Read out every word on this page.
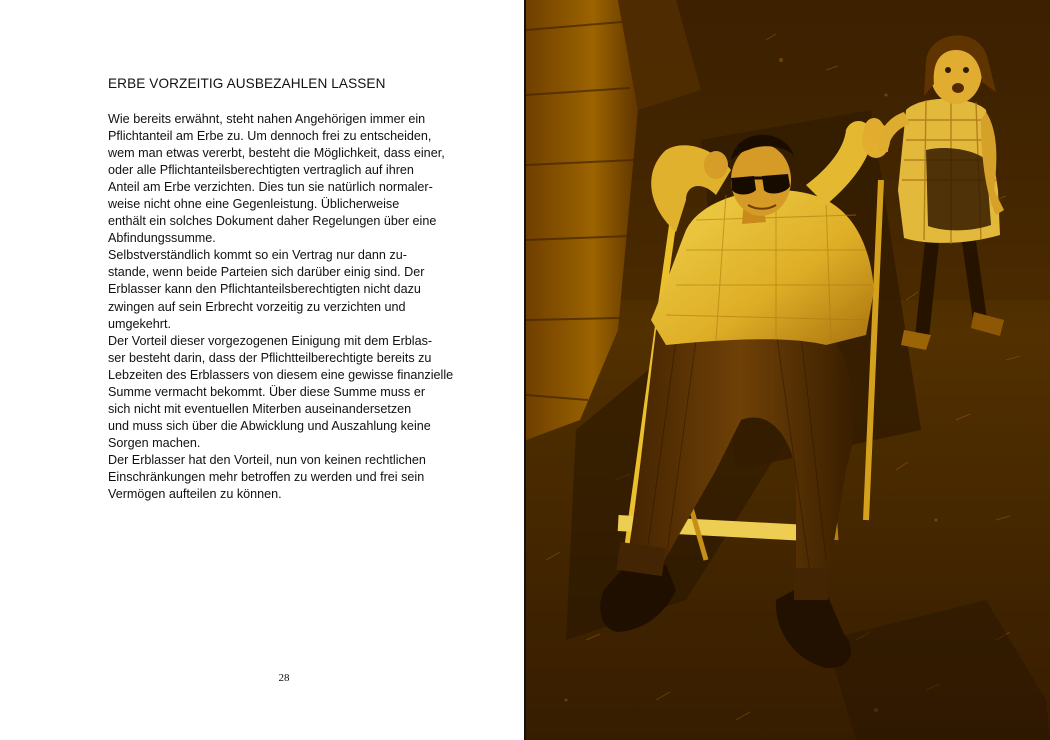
ERBE VORZEITIG AUSBEZAHLEN LASSEN
Wie bereits erwähnt, steht nahen Angehörigen immer ein
Pflichtanteil am Erbe zu. Um dennoch frei zu entscheiden,
wem man etwas vererbt, besteht die Möglichkeit, dass einer,
oder alle Pflichtanteilsberechtigten vertraglich auf ihren
Anteil am Erbe verzichten. Dies tun sie natürlich normaler-
weise nicht ohne eine Gegenleistung. Üblicherweise
enthält ein solches Dokument daher Regelungen über eine
Abfindungssumme.
Selbstverständlich kommt so ein Vertrag nur dann zu-
stande, wenn beide Parteien sich darüber einig sind. Der
Erblasser kann den Pflichtanteilsberechtigten nicht dazu
zwingen auf sein Erbrecht vorzeitig zu verzichten und
umgekehrt.
Der Vorteil dieser vorgezogenen Einigung mit dem Erblas-
ser besteht darin, dass der Pflichtteilberechtigte bereits zu
Lebzeiten des Erblassers von diesem eine gewisse finanzielle
Summe vermacht bekommt. Über diese Summe muss er
sich nicht mit eventuellen Miterben auseinandersetzen
und muss sich über die Abwicklung und Auszahlung keine
Sorgen machen.
Der Erblasser hat den Vorteil, nun von keinen rechtlichen
Einschränkungen mehr betroffen zu werden und frei sein
Vermögen aufteilen zu können.
28
